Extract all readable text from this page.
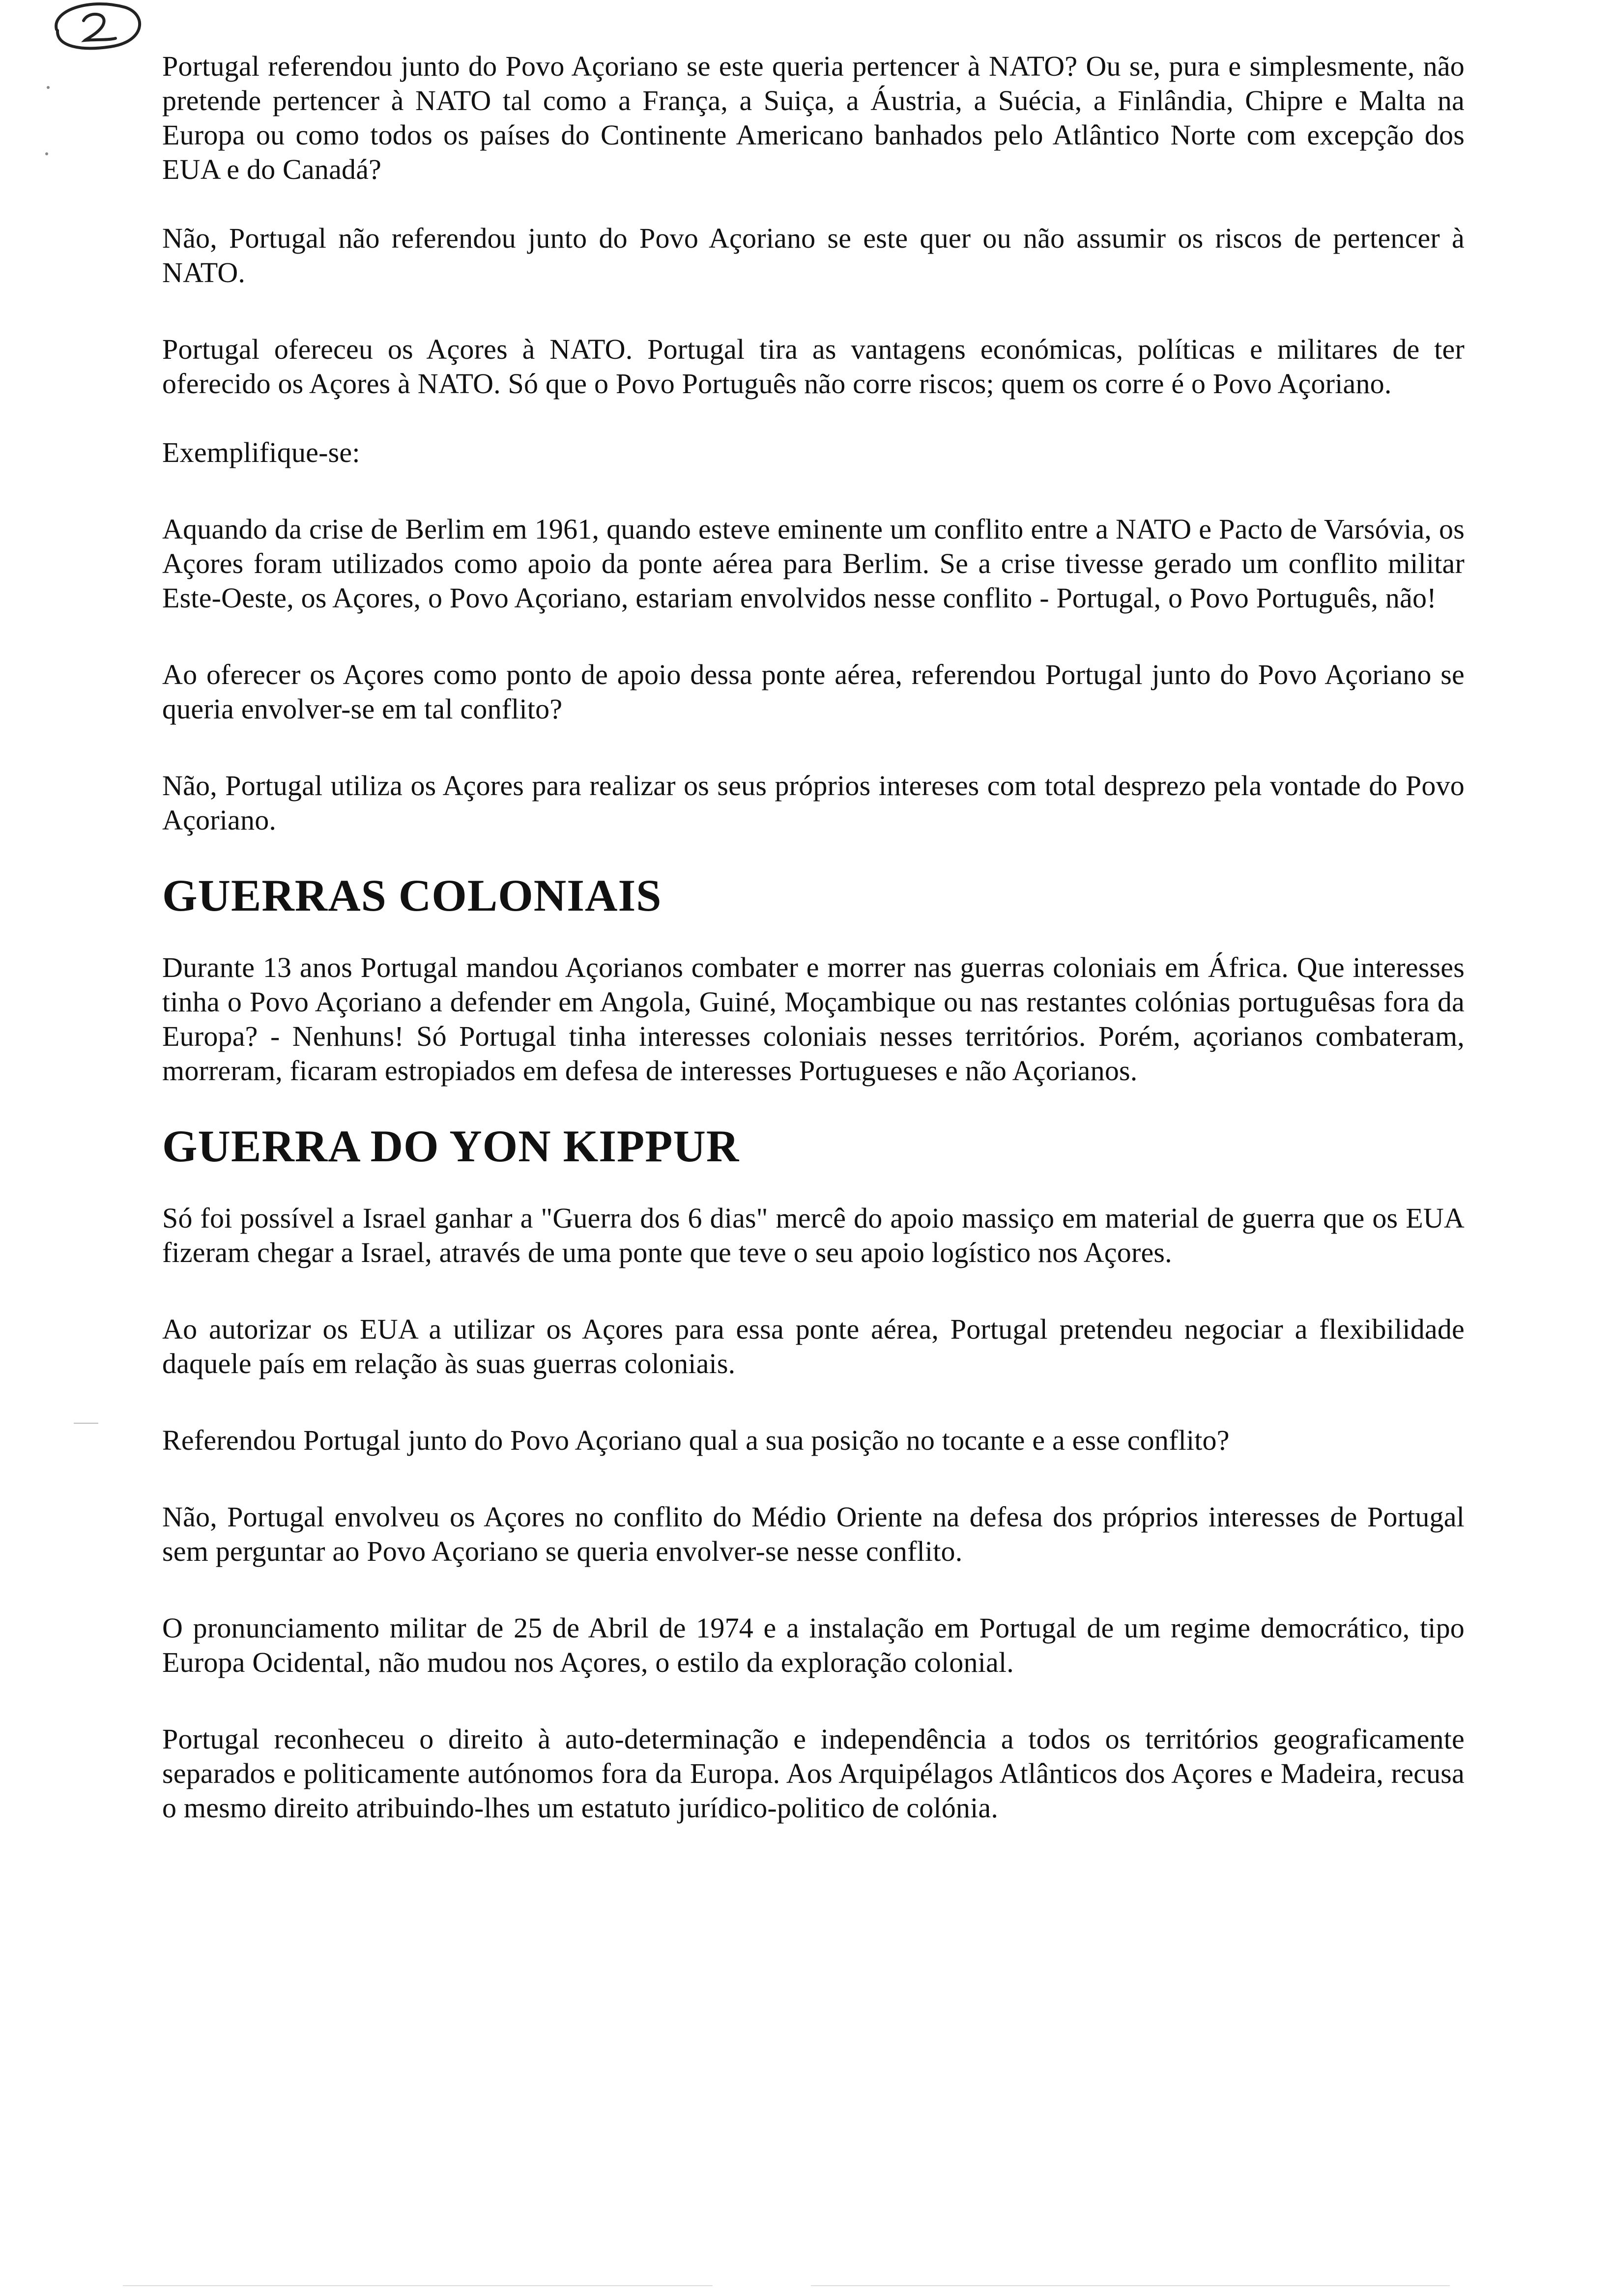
Portugal referendou junto do Povo Açoriano se este queria pertencer à NATO? Ou se, pura e simplesmente, não pretende pertencer à NATO tal como a França, a Suiça, a Áustria, a Suécia, a Finlândia, Chipre e Malta na Europa ou como todos os países do Continente Americano banhados pelo Atlântico Norte com excepção dos EUA e do Canadá?

Não, Portugal não referendou junto do Povo Açoriano se este quer ou não assumir os riscos de pertencer à NATO.

Portugal ofereceu os Açores à NATO. Portugal tira as vantagens económicas, políticas e militares de ter oferecido os Açores à NATO. Só que o Povo Português não corre riscos; quem os corre é o Povo Açoriano.

Exemplifique-se:

Aquando da crise de Berlim em 1961, quando esteve eminente um conflito entre a NATO e Pacto de Varsóvia, os Açores foram utilizados como apoio da ponte aérea para Berlim. Se a crise tivesse gerado um conflito militar Este-Oeste, os Açores, o Povo Açoriano, estariam envolvidos nesse conflito - Portugal, o Povo Português, não!

Ao oferecer os Açores como ponto de apoio dessa ponte aérea, referendou Portugal junto do Povo Açoriano se queria envolver-se em tal conflito?

Não, Portugal utiliza os Açores para realizar os seus próprios intereses com total desprezo pela vontade do Povo Açoriano.

GUERRAS COLONIAIS

Durante 13 anos Portugal mandou Açorianos combater e morrer nas guerras coloniais em África. Que interesses tinha o Povo Açoriano a defender em Angola, Guiné, Moçambique ou nas restantes colónias portuguêsas fora da Europa? - Nenhuns! Só Portugal tinha interesses coloniais nesses territórios. Porém, açorianos combateram, morreram, ficaram estropiados em defesa de interesses Portugueses e não Açorianos.

GUERRA DO YON KIPPUR

Só foi possível a Israel ganhar a "Guerra dos 6 dias" mercê do apoio massiço em material de guerra que os EUA fizeram chegar a Israel, através de uma ponte que teve o seu apoio logístico nos Açores.

Ao autorizar os EUA a utilizar os Açores para essa ponte aérea, Portugal pretendeu negociar a flexibilidade daquele país em relação às suas guerras coloniais.

Referendou Portugal junto do Povo Açoriano qual a sua posição no tocante e a esse conflito?

Não, Portugal envolveu os Açores no conflito do Médio Oriente na defesa dos próprios interesses de Portugal sem perguntar ao Povo Açoriano se queria envolver-se nesse conflito.

O pronunciamento militar de 25 de Abril de 1974 e a instalação em Portugal de um regime democrático, tipo Europa Ocidental, não mudou nos Açores, o estilo da exploração colonial.

Portugal reconheceu o direito à auto-determinação e independência a todos os territórios geograficamente separados e politicamente autónomos fora da Europa. Aos Arquipélagos Atlânticos dos Açores e Madeira, recusa o mesmo direito atribuindo-lhes um estatuto jurídico-politico de colónia.
